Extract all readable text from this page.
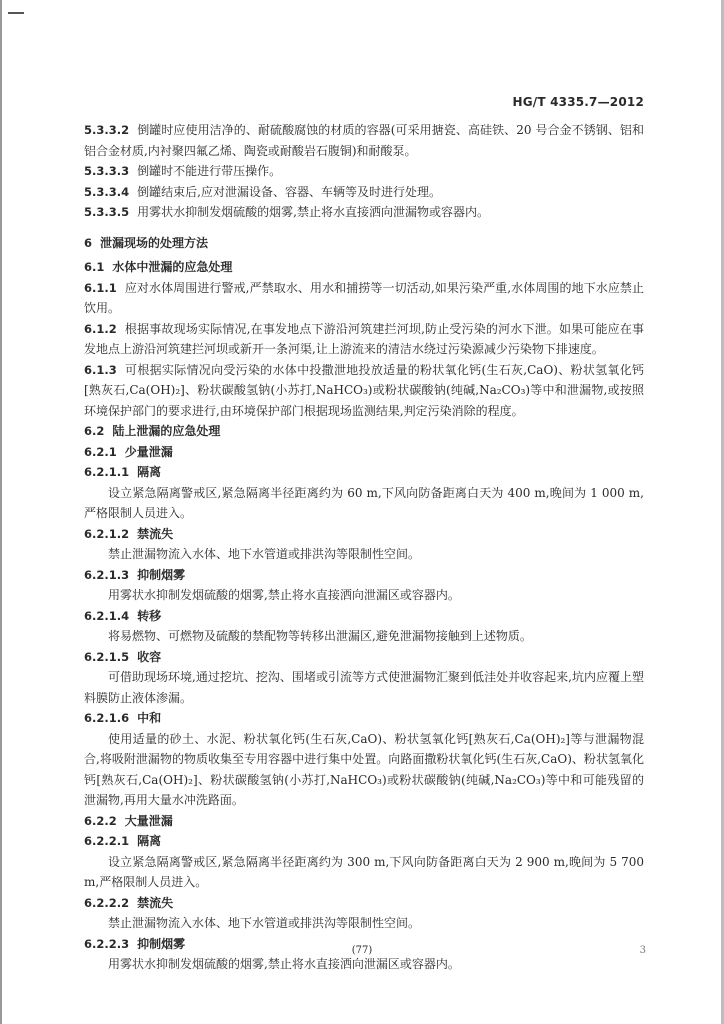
HG/T 4335.7—2012

5.3.3.2 倒罐时应使用洁净的、耐硫酸腐蚀的材质的容器(可采用搪瓷、高硅铁、20 号合金不锈钢、铝和铝合金材质,内衬聚四氟乙烯、陶瓷或耐酸岩石腹铜)和耐酸泵。

5.3.3.3 倒罐时不能进行带压操作。

5.3.3.4 倒罐结束后,应对泄漏设备、容器、车辆等及时进行处理。

5.3.3.5 用雾状水抑制发烟硫酸的烟雾,禁止将水直接洒向泄漏物或容器内。

6 泄漏现场的处理方法

6.1 水体中泄漏的应急处理

6.1.1 应对水体周围进行警戒,严禁取水、用水和捕捞等一切活动,如果污染严重,水体周围的地下水应禁止饮用。

6.1.2 根据事故现场实际情况,在事发地点下游沿河筑建拦河坝,防止受污染的河水下泄。如果可能应在事发地点上游沿河筑建拦河坝或新开一条河渠,让上游流来的清洁水绕过污染源减少污染物下排速度。

6.1.3 可根据实际情况向受污染的水体中投撒泄地投放适量的粉状氧化钙(生石灰,CaO)、粉状氢氧化钙[熟灰石,Ca(OH)₂]、粉状碳酸氢钠(小苏打,NaHCO₃)或粉状碳酸钠(纯碱,Na₂CO₃)等中和泄漏物,或按照环境保护部门的要求进行,由环境保护部门根据现场监测结果,判定污染消除的程度。

6.2 陆上泄漏的应急处理

6.2.1 少量泄漏

6.2.1.1 隔离

设立紧急隔离警戒区,紧急隔离半径距离约为 60 m,下风向防备距离白天为 400 m,晚间为 1 000 m,严格限制人员进入。

6.2.1.2 禁流失

禁止泄漏物流入水体、地下水管道或排洪沟等限制性空间。

6.2.1.3 抑制烟雾

用雾状水抑制发烟硫酸的烟雾,禁止将水直接洒向泄漏区或容器内。

6.2.1.4 转移

将易燃物、可燃物及硫酸的禁配物等转移出泄漏区,避免泄漏物接触到上述物质。

6.2.1.5 收容

可借助现场环境,通过挖坑、挖沟、围堵或引流等方式使泄漏物汇聚到低洼处并收容起来,坑内应覆上塑料膜防止液体渗漏。

6.2.1.6 中和

使用适量的砂土、水泥、粉状氧化钙(生石灰,CaO)、粉状氢氧化钙[熟灰石,Ca(OH)₂]等与泄漏物混合,将吸附泄漏物的物质收集至专用容器中进行集中处置。向路面撒粉状氧化钙(生石灰,CaO)、粉状氢氧化钙[熟灰石,Ca(OH)₂]、粉状碳酸氢钠(小苏打,NaHCO₃)或粉状碳酸钠(纯碱,Na₂CO₃)等中和可能残留的泄漏物,再用大量水冲洗路面。

6.2.2 大量泄漏

6.2.2.1 隔离

设立紧急隔离警戒区,紧急隔离半径距离约为 300 m,下风向防备距离白天为 2 900 m,晚间为 5 700 m,严格限制人员进入。

6.2.2.2 禁流失

禁止泄漏物流入水体、地下水管道或排洪沟等限制性空间。

6.2.2.3 抑制烟雾

用雾状水抑制发烟硫酸的烟雾,禁止将水直接洒向泄漏区或容器内。

(77)	3
